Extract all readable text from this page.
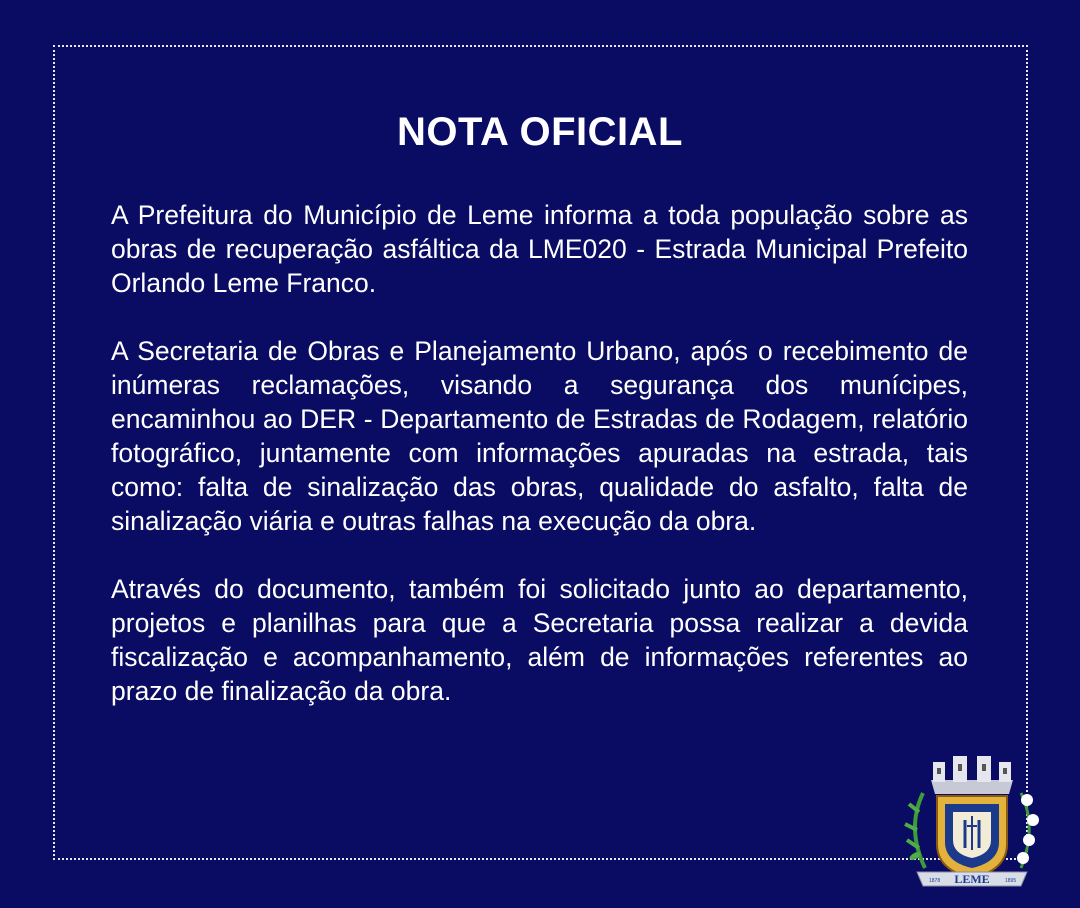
NOTA OFICIAL

A Prefeitura do Município de Leme informa a toda população sobre as obras de recuperação asfáltica da LME020 - Estrada Municipal Prefeito Orlando Leme Franco.

A Secretaria de Obras e Planejamento Urbano, após o recebimento de inúmeras reclamações, visando a segurança dos munícipes, encaminhou ao DER - Departamento de Estradas de Rodagem, relatório fotográfico, juntamente com informações apuradas na estrada, tais como: falta de sinalização das obras, qualidade do asfalto, falta de sinalização viária e outras falhas na execução da obra.

Através do documento, também foi solicitado junto ao departamento, projetos e planilhas para que a Secretaria possa realizar a devida fiscalização e acompanhamento, além de informações referentes ao prazo de finalização da obra.

LEME
1878	1895
